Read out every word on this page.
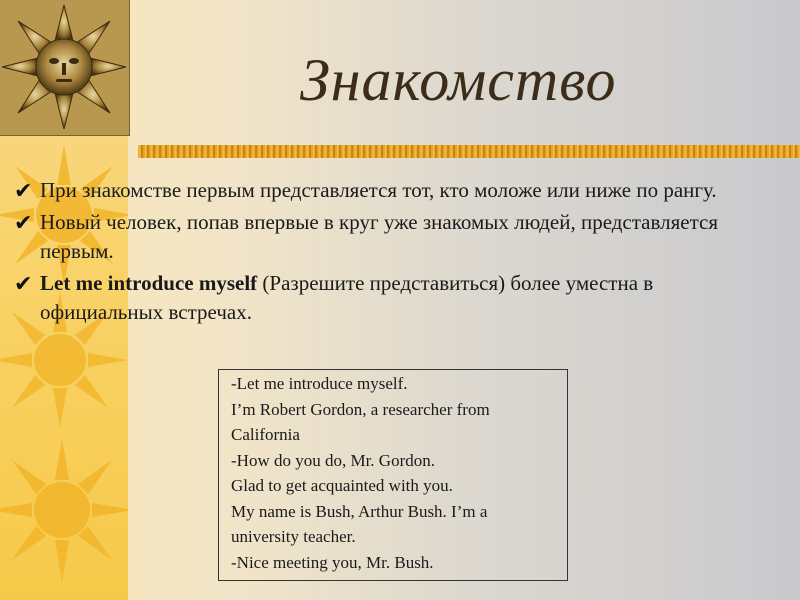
Знакомство
✔ При знакомстве первым представляется тот, кто моложе или ниже по рангу.
✔ Новый человек, попав впервые в круг уже знакомых людей, представляется первым.
✔ Let me introduce myself (Разрешите представиться) более уместна в официальных встречах.
-Let me introduce myself.
I’m Robert Gordon, a researcher from
California
-How do you do, Mr. Gordon.
Glad to get acquainted with you.
My name is Bush, Arthur Bush. I’m a
university teacher.
-Nice meeting you, Mr. Bush.
